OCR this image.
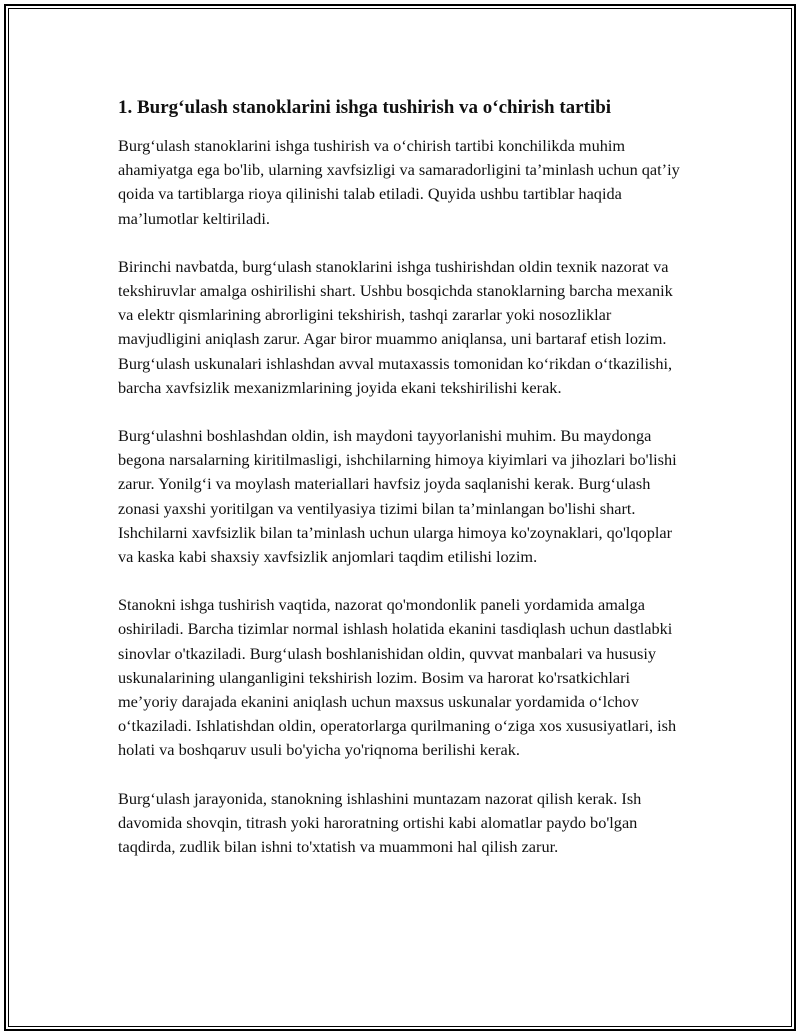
1. Burg‘ulash stanoklarini ishga tushirish va o‘chirish tartibi

Burg‘ulash stanoklarini ishga tushirish va o‘chirish tartibi konchilikda muhim ahamiyatga ega bo'lib, ularning xavfsizligi va samaradorligini ta’minlash uchun qat’iy qoida va tartiblarga rioya qilinishi talab etiladi. Quyida ushbu tartiblar haqida ma’lumotlar keltiriladi.

Birinchi navbatda, burg‘ulash stanoklarini ishga tushirishdan oldin texnik nazorat va tekshiruvlar amalga oshirilishi shart. Ushbu bosqichda stanoklarning barcha mexanik va elektr qismlarining abrorligini tekshirish, tashqi zararlar yoki nosozliklar mavjudligini aniqlash zarur. Agar biror muammo aniqlansa, uni bartaraf etish lozim. Burg‘ulash uskunalari ishlashdan avval mutaxassis tomonidan ko‘rikdan o‘tkazilishi, barcha xavfsizlik mexanizmlarining joyida ekani tekshirilishi kerak.

Burg‘ulashni boshlashdan oldin, ish maydoni tayyorlanishi muhim. Bu maydonga begona narsalarning kiritilmasligi, ishchilarning himoya kiyimlari va jihozlari bo'lishi zarur. Yonilg‘i va moylash materiallari havfsiz joyda saqlanishi kerak. Burg‘ulash zonasi yaxshi yoritilgan va ventilyasiya tizimi bilan ta’minlangan bo'lishi shart. Ishchilarni xavfsizlik bilan ta’minlash uchun ularga himoya ko'zoynaklari, qo'lqoplar va kaska kabi shaxsiy xavfsizlik anjomlari taqdim etilishi lozim.

Stanokni ishga tushirish vaqtida, nazorat qo'mondonlik paneli yordamida amalga oshiriladi. Barcha tizimlar normal ishlash holatida ekanini tasdiqlash uchun dastlabki sinovlar o'tkaziladi. Burg‘ulash boshlanishidan oldin, quvvat manbalari va hususiy uskunalarining ulanganligini tekshirish lozim. Bosim va harorat ko'rsatkichlari me’yoriy darajada ekanini aniqlash uchun maxsus uskunalar yordamida o‘lchov o‘tkaziladi. Ishlatishdan oldin, operatorlarga qurilmaning o‘ziga xos xususiyatlari, ish holati va boshqaruv usuli bo'yicha yo'riqnoma berilishi kerak.

Burg‘ulash jarayonida, stanokning ishlashini muntazam nazorat qilish kerak. Ish davomida shovqin, titrash yoki haroratning ortishi kabi alomatlar paydo bo'lgan taqdirda, zudlik bilan ishni to'xtatish va muammoni hal qilish zarur.
